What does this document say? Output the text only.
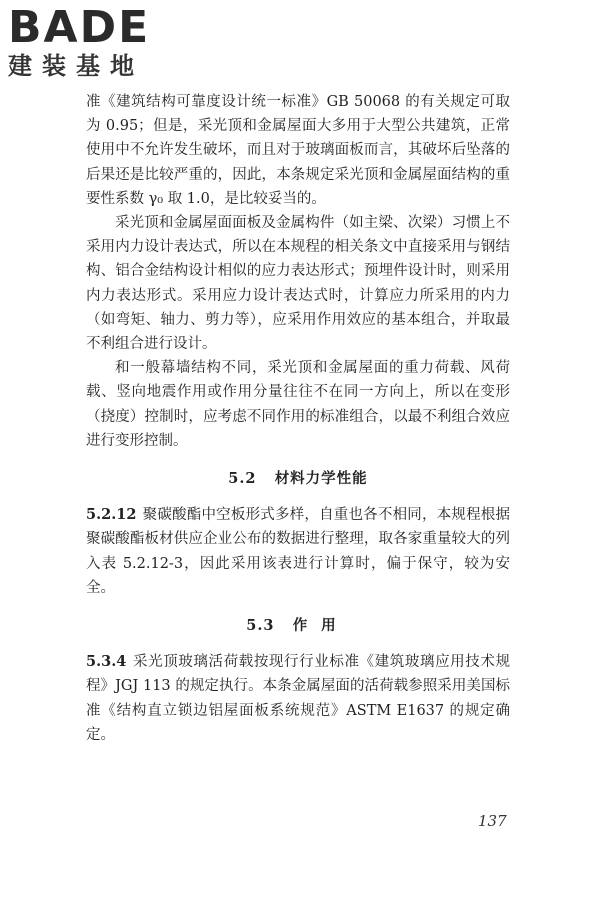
BADE
建装基地

准《建筑结构可靠度设计统一标准》GB 50068 的有关规定可取为 0.95；但是，采光顶和金属屋面大多用于大型公共建筑，正常使用中不允许发生破坏，而且对于玻璃面板而言，其破坏后坠落的后果还是比较严重的，因此，本条规定采光顶和金属屋面结构的重要性系数 γ₀ 取 1.0，是比较妥当的。

采光顶和金属屋面面板及金属构件（如主梁、次梁）习惯上不采用内力设计表达式，所以在本规程的相关条文中直接采用与钢结构、铝合金结构设计相似的应力表达形式；预埋件设计时，则采用内力表达形式。采用应力设计表达式时，计算应力所采用的内力（如弯矩、轴力、剪力等），应采用作用效应的基本组合，并取最不利组合进行设计。

和一般幕墙结构不同，采光顶和金属屋面的重力荷载、风荷载、竖向地震作用或作用分量往往不在同一方向上，所以在变形（挠度）控制时，应考虑不同作用的标准组合，以最不利组合效应进行变形控制。

5.2 材料力学性能

5.2.12 聚碳酸酯中空板形式多样，自重也各不相同，本规程根据聚碳酸酯板材供应企业公布的数据进行整理，取各家重量较大的列入表 5.2.12-3，因此采用该表进行计算时，偏于保守，较为安全。

5.3 作用

5.3.4 采光顶玻璃活荷载按现行行业标准《建筑玻璃应用技术规程》JGJ 113 的规定执行。本条金属屋面的活荷载参照采用美国标准《结构直立锁边铝屋面板系统规范》ASTM E1637 的规定确定。

137
